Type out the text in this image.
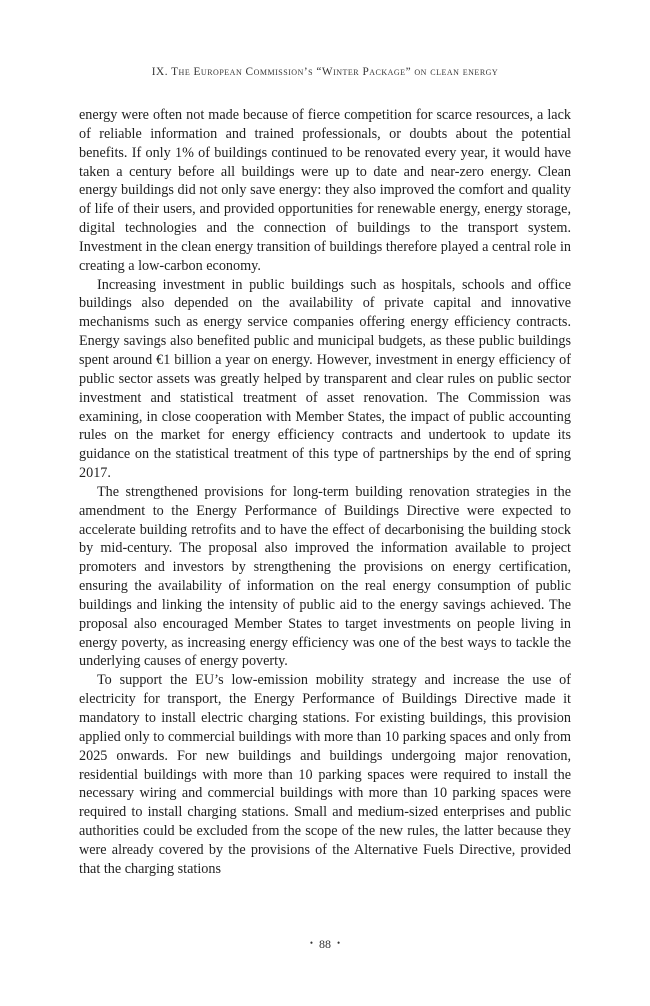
IX. The European Commission’s “Winter Package” on clean energy

energy were often not made because of fierce competition for scarce resources, a lack of reliable information and trained professionals, or doubts about the potential benefits. If only 1% of buildings continued to be renovated every year, it would have taken a century before all buildings were up to date and near-zero energy. Clean energy buildings did not only save energy: they also improved the comfort and quality of life of their users, and provided opportunities for renewable energy, energy storage, digital technologies and the connection of buildings to the transport system. Investment in the clean energy transition of buildings therefore played a central role in creating a low-carbon economy.

Increasing investment in public buildings such as hospitals, schools and office buildings also depended on the availability of private capital and innovative mechanisms such as energy service companies offering energy efficiency contracts. Energy savings also benefited public and municipal budgets, as these public buildings spent around €1 billion a year on energy. However, investment in energy efficiency of public sector assets was greatly helped by transparent and clear rules on public sector investment and statistical treatment of asset renovation. The Commission was examining, in close cooperation with Member States, the impact of public accounting rules on the market for energy efficiency contracts and undertook to update its guidance on the statistical treatment of this type of partnerships by the end of spring 2017.

The strengthened provisions for long-term building renovation strategies in the amendment to the Energy Performance of Buildings Directive were expected to accelerate building retrofits and to have the effect of decarbonising the building stock by mid-century. The proposal also improved the information available to project promoters and investors by strengthening the provisions on energy certification, ensuring the availability of information on the real energy consumption of public buildings and linking the intensity of public aid to the energy savings achieved. The proposal also encouraged Member States to target investments on people living in energy poverty, as increasing energy efficiency was one of the best ways to tackle the underlying causes of energy poverty.

To support the EU’s low-emission mobility strategy and increase the use of electricity for transport, the Energy Performance of Buildings Directive made it mandatory to install electric charging stations. For existing buildings, this provision applied only to commercial buildings with more than 10 parking spaces and only from 2025 onwards. For new buildings and buildings undergoing major renovation, residential buildings with more than 10 parking spaces were required to install the necessary wiring and commercial buildings with more than 10 parking spaces were required to install charging stations. Small and medium-sized enterprises and public authorities could be excluded from the scope of the new rules, the latter because they were already covered by the provisions of the Alternative Fuels Directive, provided that the charging stations

• 88 •
